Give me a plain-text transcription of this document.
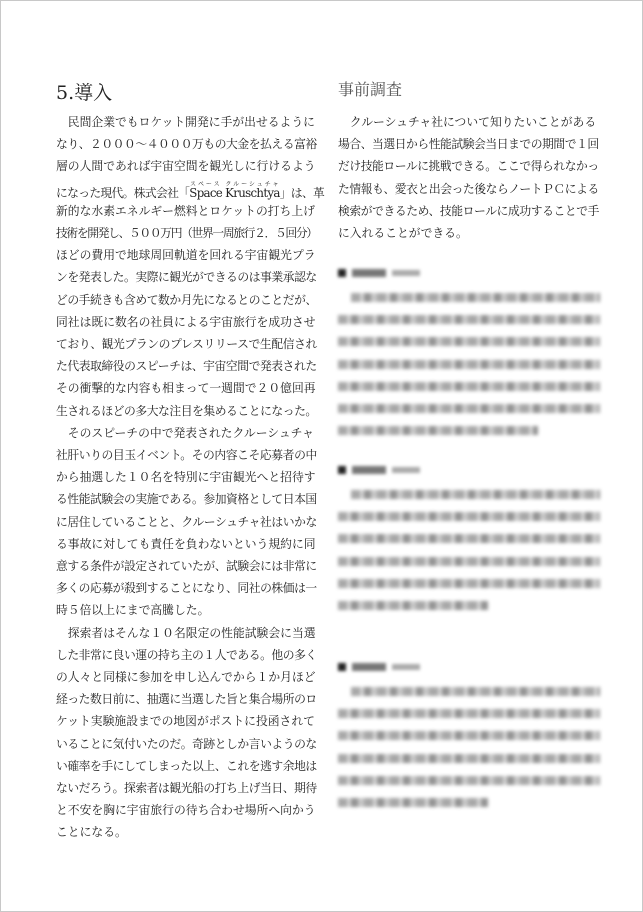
5.導入
　民間企業でもロケット開発に手が出せるように
なり、２０００～４０００万もの大金を払える富裕
層の人間であれば宇宙空間を観光しに行けるよう
になった現代。株式会社「Space Kruschtyaスペース クルーシュチャ」は、革
新的な水素エネルギー燃料とロケットの打ち上げ
技術を開発し、５００万円（世界一周旅行２．５回分）
ほどの費用で地球周回軌道を回れる宇宙観光プラ
ンを発表した。実際に観光ができるのは事業承認な
どの手続きも含めて数か月先になるとのことだが、
同社は既に数名の社員による宇宙旅行を成功させ
ており、観光プランのプレスリリースで生配信され
た代表取締役のスピーチは、宇宙空間で発表された
その衝撃的な内容も相まって一週間で２０億回再
生されるほどの多大な注目を集めることになった。
　そのスピーチの中で発表されたクルーシュチャ
社肝いりの目玉イベント。その内容こそ応募者の中
から抽選した１０名を特別に宇宙観光へと招待す
る性能試験会の実施である。参加資格として日本国
に居住していることと、クルーシュチャ社はいかな
る事故に対しても責任を負わないという規約に同
意する条件が設定されていたが、試験会には非常に
多くの応募が殺到することになり、同社の株価は一
時５倍以上にまで高騰した。
　探索者はそんな１０名限定の性能試験会に当選
した非常に良い運の持ち主の１人である。他の多く
の人々と同様に参加を申し込んでから１か月ほど
経った数日前に、抽選に当選した旨と集合場所のロ
ケット実験施設までの地図がポストに投函されて
いることに気付いたのだ。奇跡としか言いようのな
い確率を手にしてしまった以上、これを逃す余地は
ないだろう。探索者は観光船の打ち上げ当日、期待
と不安を胸に宇宙旅行の待ち合わせ場所へ向かう
ことになる。
事前調査
　クルーシュチャ社について知りたいことがある
場合、当選日から性能試験会当日までの期間で１回
だけ技能ロールに挑戦できる。ここで得られなかっ
た情報も、愛衣と出会った後ならノートＰＣによる
検索ができるため、技能ロールに成功することで手
に入れることができる。
